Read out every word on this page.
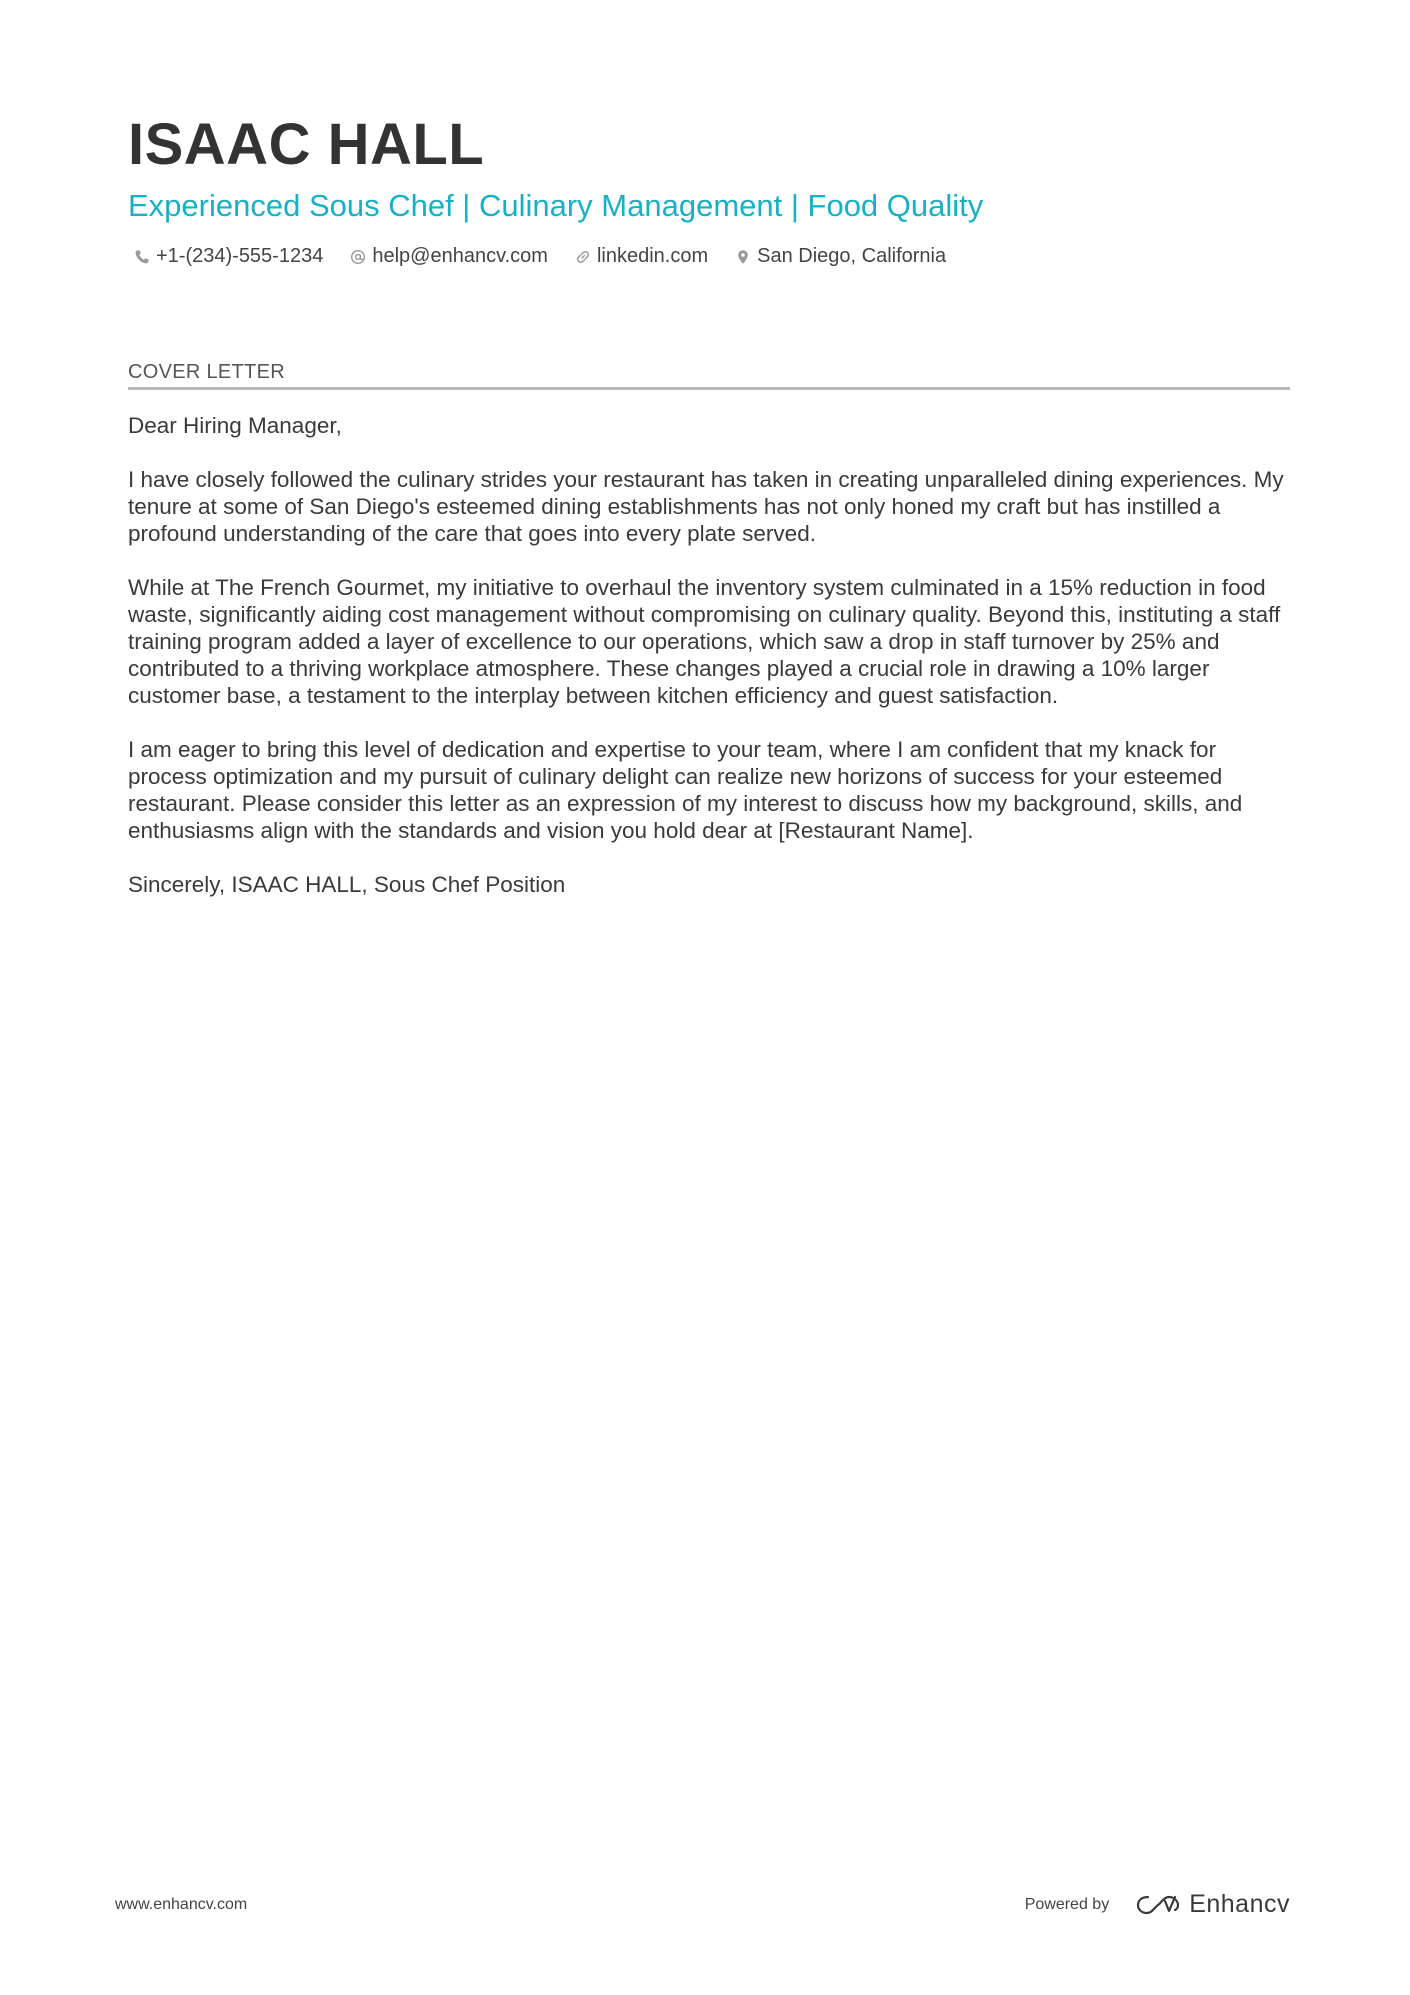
ISAAC HALL
Experienced Sous Chef | Culinary Management | Food Quality
+1-(234)-555-1234 help@enhancv.com linkedin.com San Diego, California
COVER LETTER

Dear Hiring Manager,

I have closely followed the culinary strides your restaurant has taken in creating unparalleled dining experiences. My tenure at some of San Diego's esteemed dining establishments has not only honed my craft but has instilled a profound understanding of the care that goes into every plate served.

While at The French Gourmet, my initiative to overhaul the inventory system culminated in a 15% reduction in food waste, significantly aiding cost management without compromising on culinary quality. Beyond this, instituting a staff training program added a layer of excellence to our operations, which saw a drop in staff turnover by 25% and contributed to a thriving workplace atmosphere. These changes played a crucial role in drawing a 10% larger customer base, a testament to the interplay between kitchen efficiency and guest satisfaction.

I am eager to bring this level of dedication and expertise to your team, where I am confident that my knack for process optimization and my pursuit of culinary delight can realize new horizons of success for your esteemed restaurant. Please consider this letter as an expression of my interest to discuss how my background, skills, and enthusiasms align with the standards and vision you hold dear at [Restaurant Name].

Sincerely, ISAAC HALL, Sous Chef Position

www.enhancv.com	Powered by	Enhancv
